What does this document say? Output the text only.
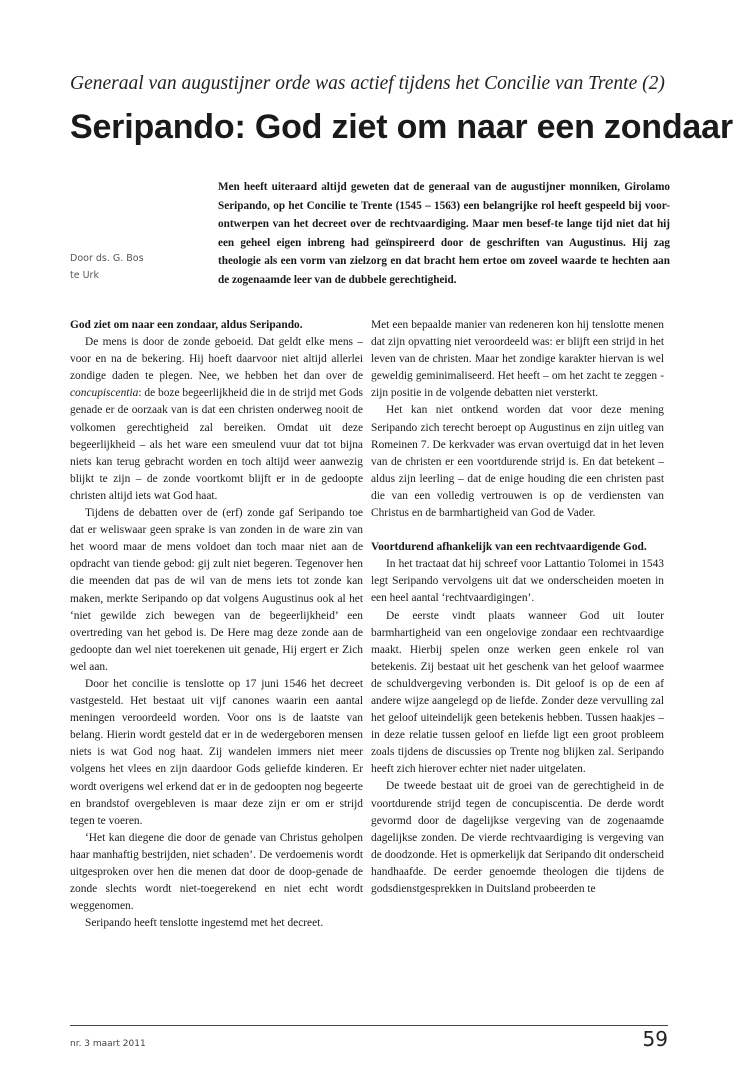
Generaal van augustijner orde was actief tijdens het Concilie van Trente (2)
Seripando: God ziet om naar een zondaar
Door ds. G. Bos
te Urk
Men heeft uiteraard altijd geweten dat de generaal van de augustijner monniken, Girolamo Seripando, op het Concilie te Trente (1545 – 1563) een belangrijke rol heeft gespeeld bij voor-ontwerpen van het decreet over de rechtvaardiging. Maar men besef-te lange tijd niet dat hij een geheel eigen inbreng had geïnspireerd door de geschriften van Augustinus. Hij zag theologie als een vorm van zielzorg en dat bracht hem ertoe om zoveel waarde te hechten aan de zogenaamde leer van de dubbele gerechtigheid.
God ziet om naar een zondaar, aldus Seripando.

De mens is door de zonde geboeid. Dat geldt elke mens – voor en na de bekering. Hij hoeft daarvoor niet altijd allerlei zondige daden te plegen. Nee, we hebben het dan over de concupiscentia: de boze begeerlijkheid die in de strijd met Gods genade er de oorzaak van is dat een christen onderweg nooit de volkomen gerechtigheid zal bereiken. Omdat uit deze begeerlijkheid – als het ware een smeulend vuur dat tot bijna niets kan terug gebracht worden en toch altijd weer aanwezig blijkt te zijn – de zonde voortkomt blijft er in de gedoopte christen altijd iets wat God haat.

Tijdens de debatten over de (erf) zonde gaf Seripando toe dat er weliswaar geen sprake is van zonden in de ware zin van het woord maar de mens voldoet dan toch maar niet aan de opdracht van tiende gebod: gij zult niet begeren. Tegenover hen die meenden dat pas de wil van de mens iets tot zonde kan maken, merkte Seripando op dat volgens Augustinus ook al het ‘niet gewilde zich bewegen van de begeerlijkheid’ een overtreding van het gebod is. De Here mag deze zonde aan de gedoopte dan wel niet toerekenen uit genade, Hij ergert er Zich wel aan.

Door het concilie is tenslotte op 17 juni 1546 het decreet vastgesteld. Het bestaat uit vijf canones waarin een aantal meningen veroordeeld worden. Voor ons is de laatste van belang. Hierin wordt gesteld dat er in de wedergeboren mensen niets is wat God nog haat. Zij wandelen immers niet meer volgens het vlees en zijn daardoor Gods geliefde kinderen. Er wordt overigens wel erkend dat er in de gedoopten nog begeerte en brandstof overgebleven is maar deze zijn er om er strijd tegen te voeren.

‘Het kan diegene die door de genade van Christus geholpen haar manhaftig bestrijden, niet schaden’. De verdoemenis wordt uitgesproken over hen die menen dat door de doop-genade de zonde slechts wordt niet-toegerekend en niet echt wordt weggenomen.

Seripando heeft tenslotte ingestemd met het decreet.

Met een bepaalde manier van redeneren kon hij tenslotte menen dat zijn opvatting niet veroordeeld was: er blijft een strijd in het leven van de christen. Maar het zondige karakter hiervan is wel geweldig geminimaliseerd. Het heeft – om het zacht te zeggen - zijn positie in de volgende debatten niet versterkt.

Het kan niet ontkend worden dat voor deze mening Seripando zich terecht beroept op Augustinus en zijn uitleg van Romeinen 7. De kerkvader was ervan overtuigd dat in het leven van de christen er een voortdurende strijd is. En dat betekent – aldus zijn leerling – dat de enige houding die een christen past die van een volledig vertrouwen is op de verdiensten van Christus en de barmhartigheid van God de Vader.

Voortdurend afhankelijk van een rechtvaardigende God.

In het tractaat dat hij schreef voor Lattantio Tolomei in 1543 legt Seripando vervolgens uit dat we onderscheiden moeten in een heel aantal ‘rechtvaardigingen’.

De eerste vindt plaats wanneer God uit louter barmhartigheid van een ongelovige zondaar een rechtvaardige maakt. Hierbij spelen onze werken geen enkele rol van betekenis. Zij bestaat uit het geschenk van het geloof waarmee de schuldvergeving verbonden is. Dit geloof is op de een af andere wijze aangelegd op de liefde. Zonder deze vervulling zal het geloof uiteindelijk geen betekenis hebben. Tussen haakjes – in deze relatie tussen geloof en liefde ligt een groot probleem zoals tijdens de discussies op Trente nog blijken zal. Seripando heeft zich hierover echter niet nader uitgelaten.

De tweede bestaat uit de groei van de gerechtigheid in de voortdurende strijd tegen de concupiscentia. De derde wordt gevormd door de dagelijkse vergeving van de zogenaamde dagelijkse zonden. De vierde rechtvaardiging is vergeving van de doodzonde. Het is opmerkelijk dat Seripando dit onderscheid handhaafde. De eerder genoemde theologen die tijdens de godsdienstgesprekken in Duitsland probeerden te

nr. 3 maart 2011	59
